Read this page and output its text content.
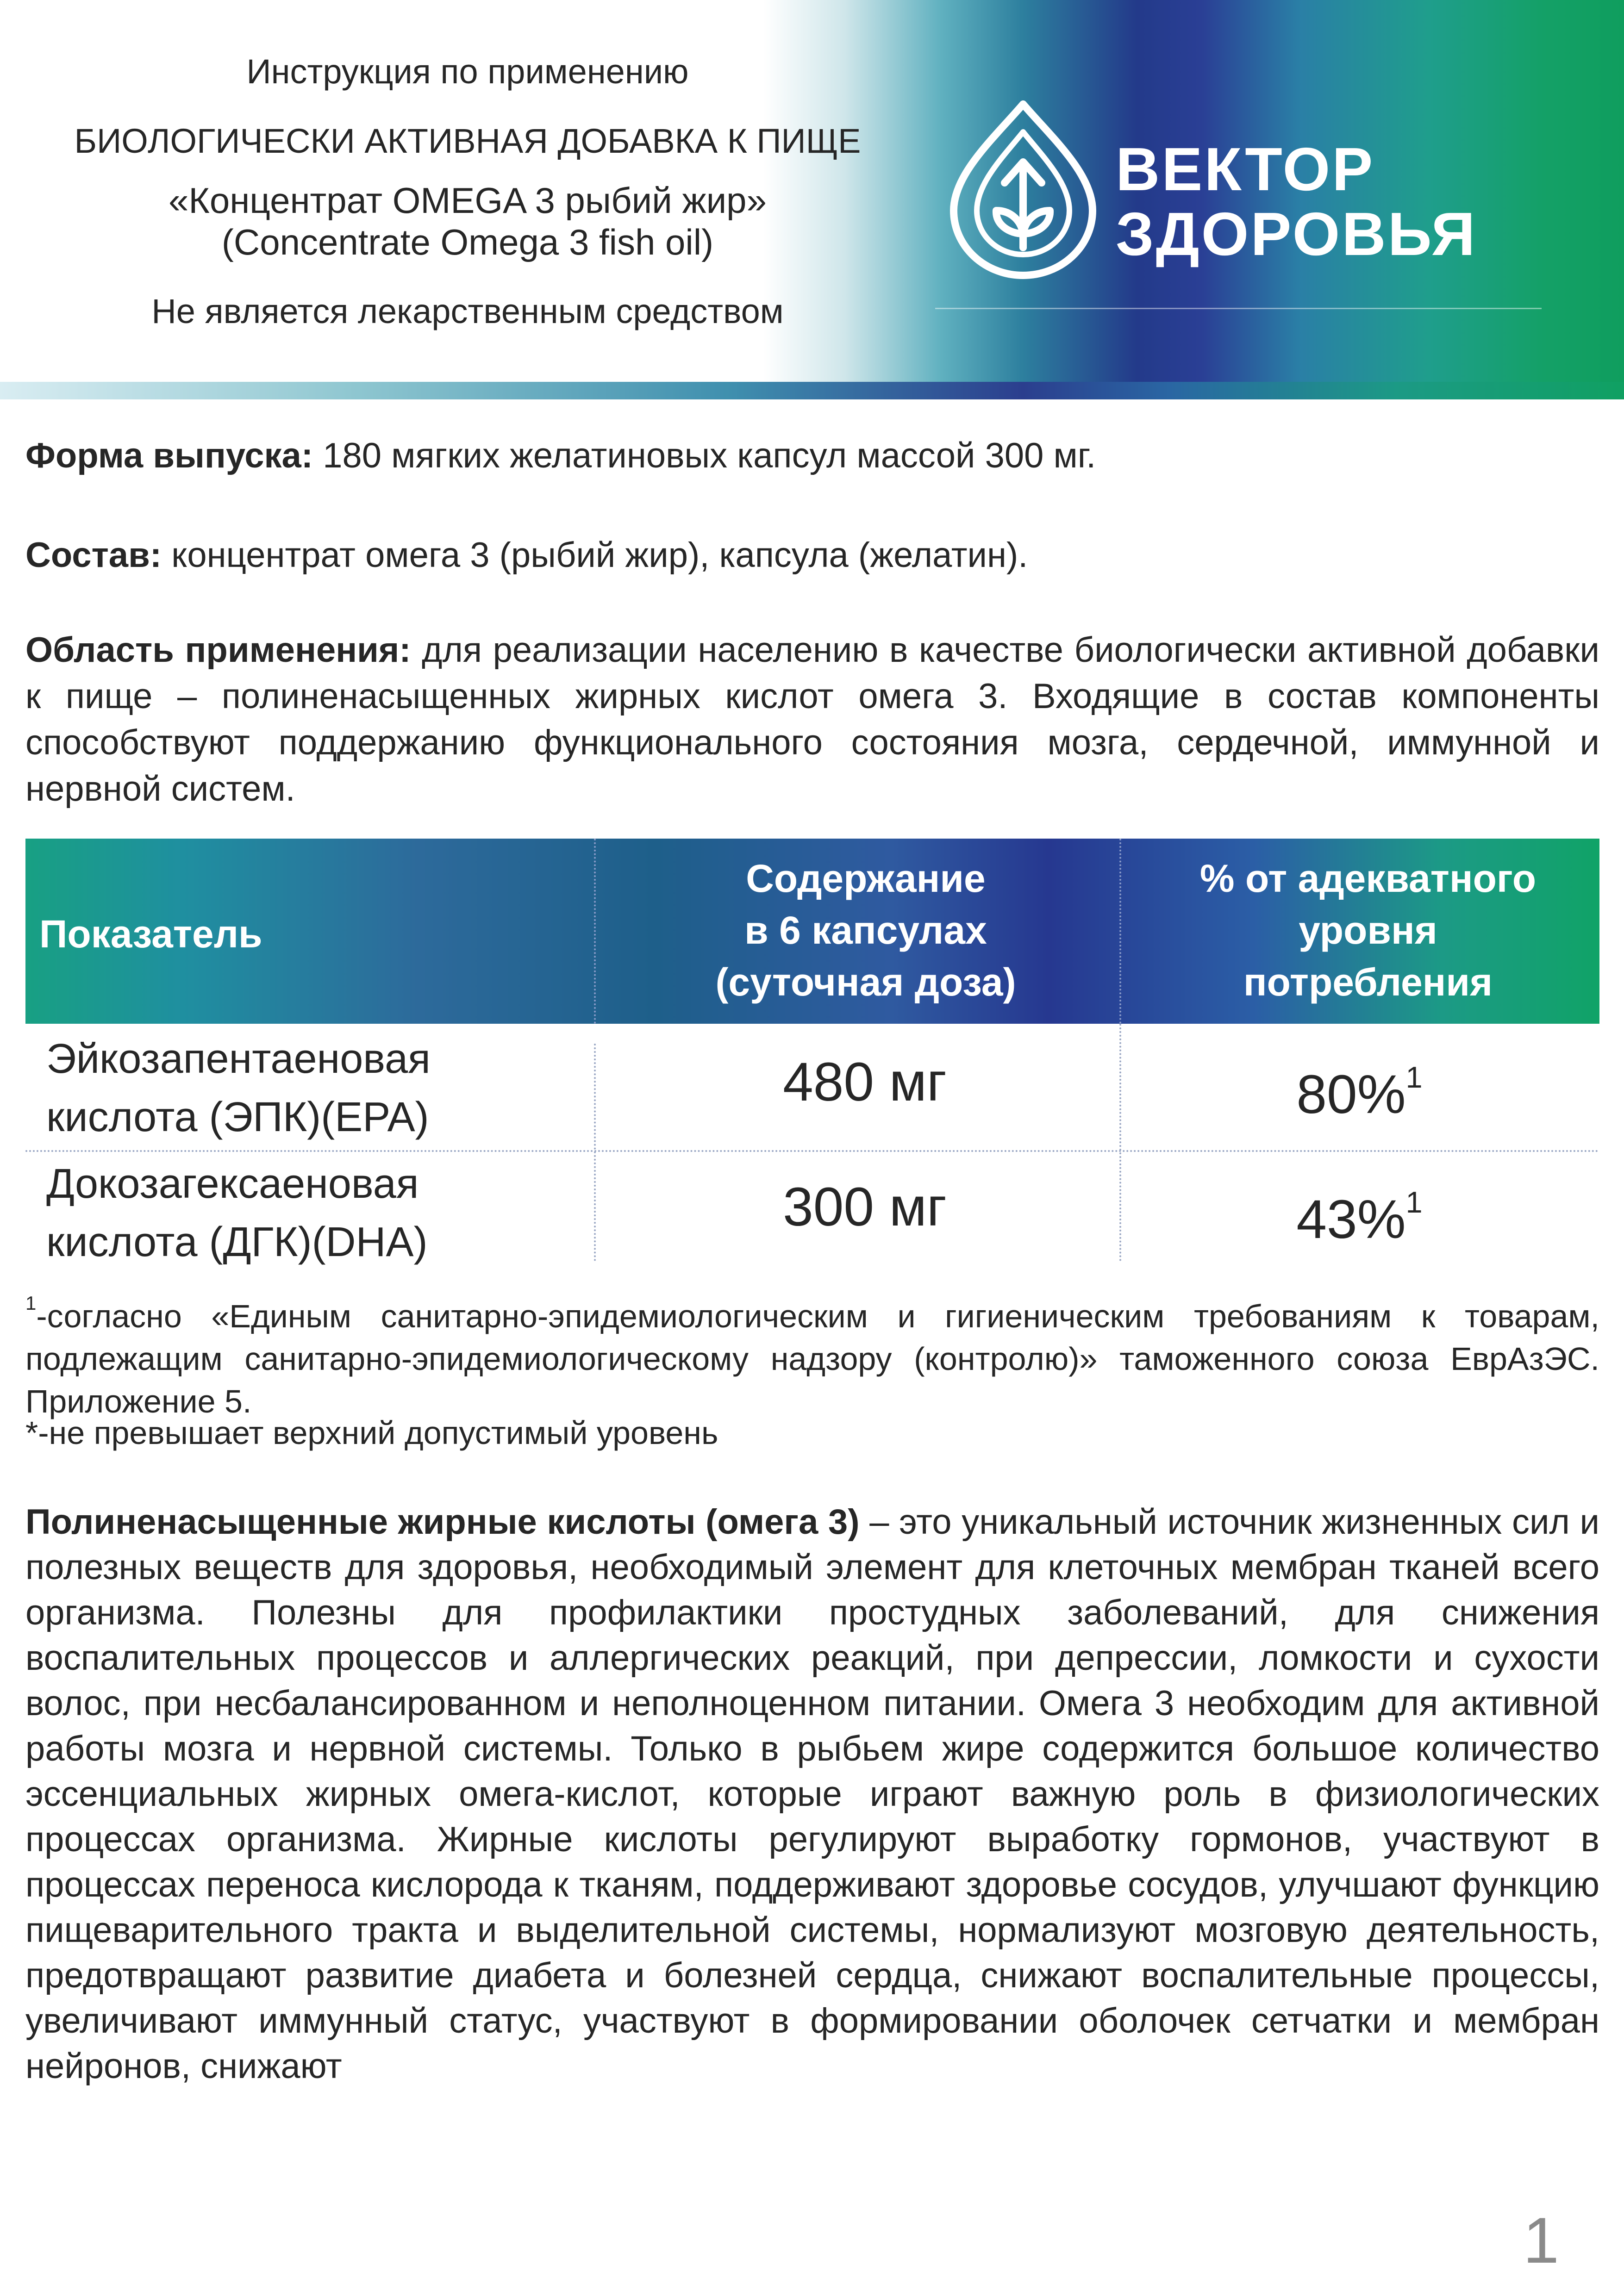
Инструкция по применению
БИОЛОГИЧЕСКИ АКТИВНАЯ ДОБАВКА К ПИЩЕ
«Концентрат OMEGA 3 рыбий жир»
(Concentrate Omega 3 fish oil)
Не является лекарственным средством
ВЕКТОР
ЗДОРОВЬЯ
Форма выпуска: 180 мягких желатиновых капсул массой 300 мг.
Состав: концентрат омега 3 (рыбий жир), капсула (желатин).
Область применения: для реализации населению в качестве биологически активной добавки к пище – полиненасыщенных жирных кислот омега 3. Входящие в состав компоненты способствуют поддержанию функционального состояния мозга, сердечной, иммунной и нервной систем.
Показатель
Содержание
в 6 капсулах
(суточная доза)
% от адекватного
уровня
потребления
Эйкозапентаеновая
кислота (ЭПК)(EPA)
480 мг	80%$^1$
Докозагексаеновая
кислота (ДГК)(DHA)
300 мг	43%$^1$
$^1$-согласно «Единым санитарно-эпидемиологическим и гигиеническим требованиям к товарам, подлежащим санитарно-эпидемиологическому надзору (контролю)» таможенного союза ЕврАзЭС. Приложение 5.
*-не превышает верхний допустимый уровень
Полиненасыщенные жирные кислоты (омега 3) – это уникальный источник жизненных сил и полезных веществ для здоровья, необходимый элемент для клеточных мембран тканей всего организма. Полезны для профилактики простудных заболеваний, для снижения воспалительных процессов и аллергических реакций, при депрессии, ломкости и сухости волос, при несбалансированном и неполноценном питании. Омега 3 необходим для активной работы мозга и нервной системы. Только в рыбьем жире содержится большое количество эссенциальных жирных омега-кислот, которые играют важную роль в физиологических процессах организма. Жирные кислоты регулируют выработку гормонов, участвуют в процессах переноса кислорода к тканям, поддерживают здоровье сосудов, улучшают функцию пищеварительного тракта и выделительной системы, нормализуют мозговую деятельность, предотвращают развитие диабета и болезней сердца, снижают воспалительные процессы, увеличивают иммунный статус, участвуют в формировании оболочек сетчатки и мембран нейронов, снижают
1
